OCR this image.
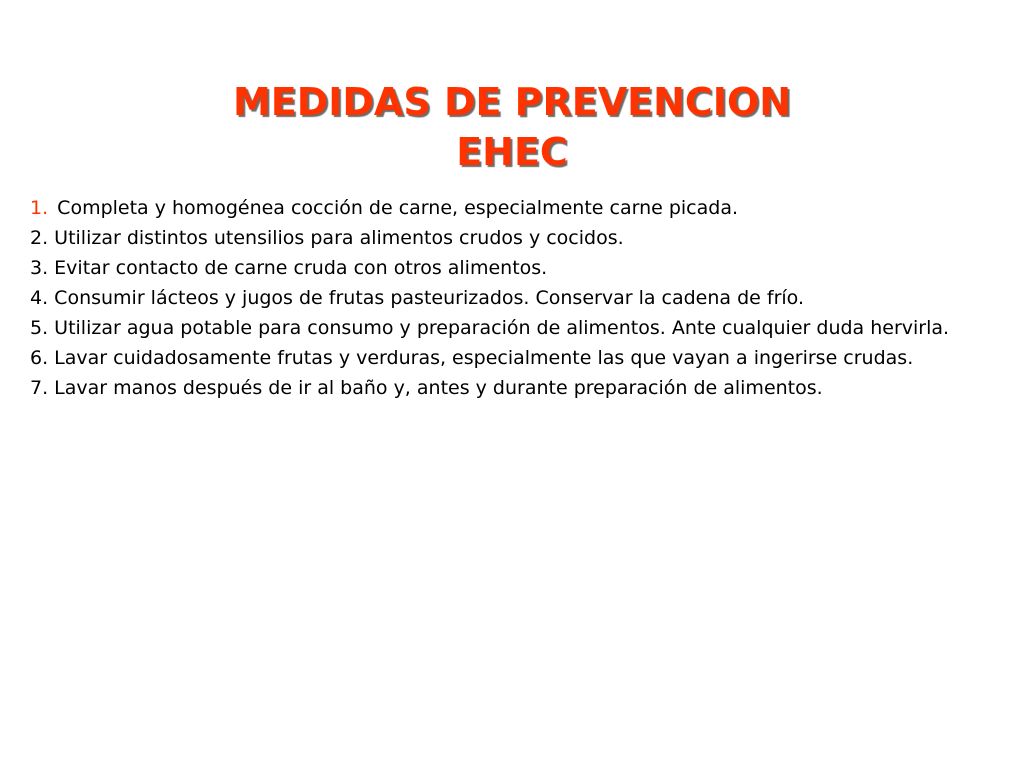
MEDIDAS DE PREVENCION
EHEC
1. Completa y homogénea cocción de carne, especialmente carne picada.
2. Utilizar distintos utensilios para alimentos crudos y cocidos.
3. Evitar contacto de carne cruda con otros alimentos.
4. Consumir lácteos y jugos de frutas pasteurizados. Conservar la cadena de frío.
5. Utilizar agua potable para consumo y preparación de alimentos. Ante cualquier duda hervirla.
6. Lavar cuidadosamente frutas y verduras, especialmente las que vayan a ingerirse crudas.
7. Lavar manos después de ir al baño y, antes y durante preparación de alimentos.
